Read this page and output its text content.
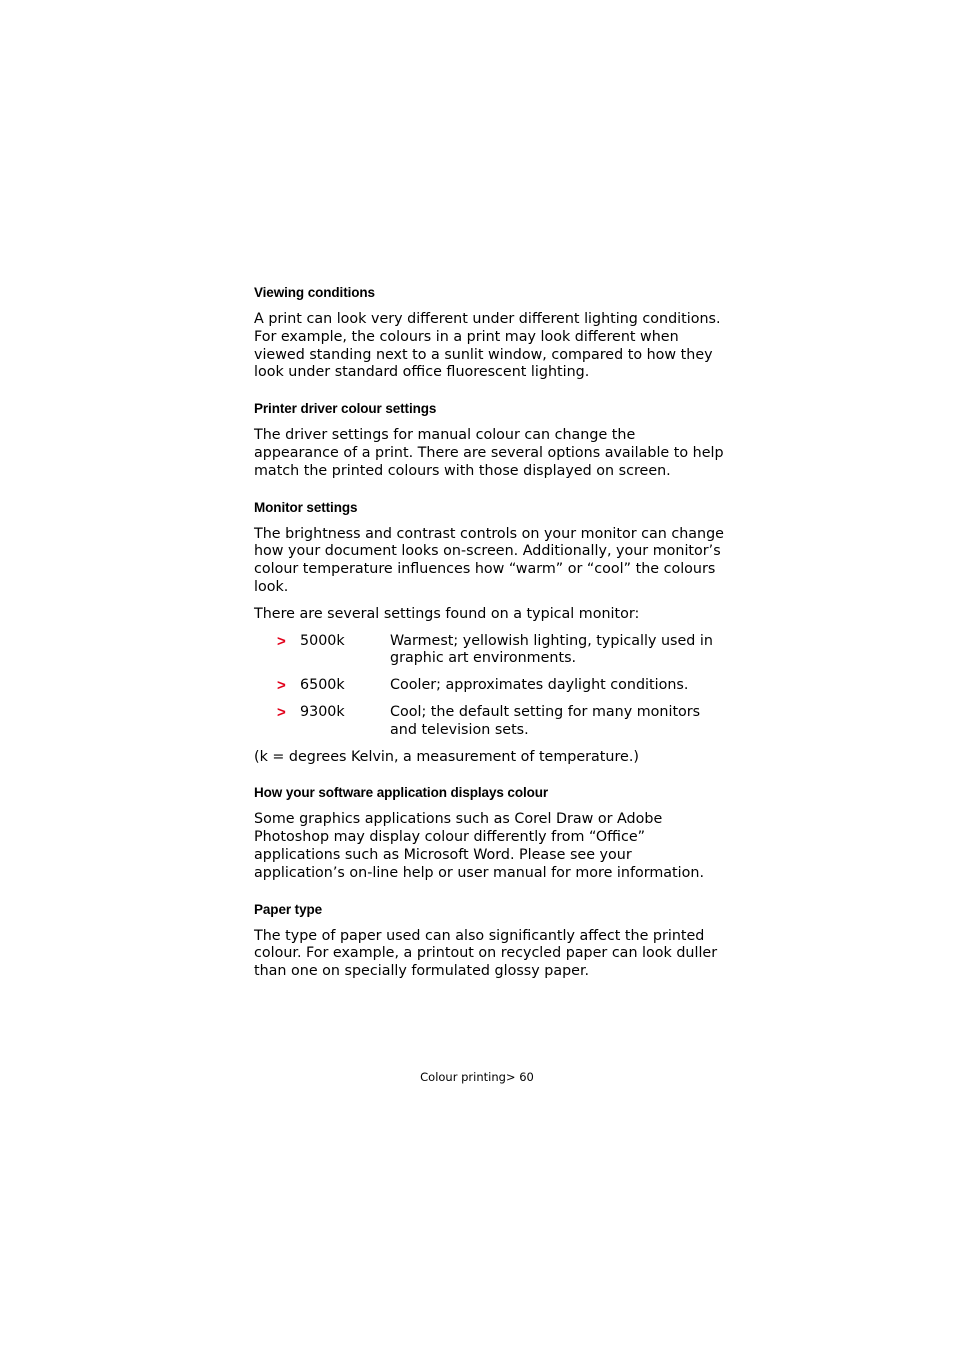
Viewing conditions

A print can look very different under different lighting conditions. For example, the colours in a print may look different when viewed standing next to a sunlit window, compared to how they look under standard office fluorescent lighting.

Printer driver colour settings

The driver settings for manual colour can change the appearance of a print. There are several options available to help match the printed colours with those displayed on screen.

Monitor settings

The brightness and contrast controls on your monitor can change how your document looks on-screen. Additionally, your monitor’s colour temperature influences how “warm” or “cool” the colours look.

There are several settings found on a typical monitor:

> 5000k	Warmest; yellowish lighting, typically used in graphic art environments.
> 6500k	Cooler; approximates daylight conditions.
> 9300k	Cool; the default setting for many monitors and television sets.

(k = degrees Kelvin, a measurement of temperature.)

How your software application displays colour

Some graphics applications such as Corel Draw or Adobe Photoshop may display colour differently from “Office” applications such as Microsoft Word. Please see your application’s on-line help or user manual for more information.

Paper type

The type of paper used can also significantly affect the printed colour. For example, a printout on recycled paper can look duller than one on specially formulated glossy paper.

Colour printing> 60
